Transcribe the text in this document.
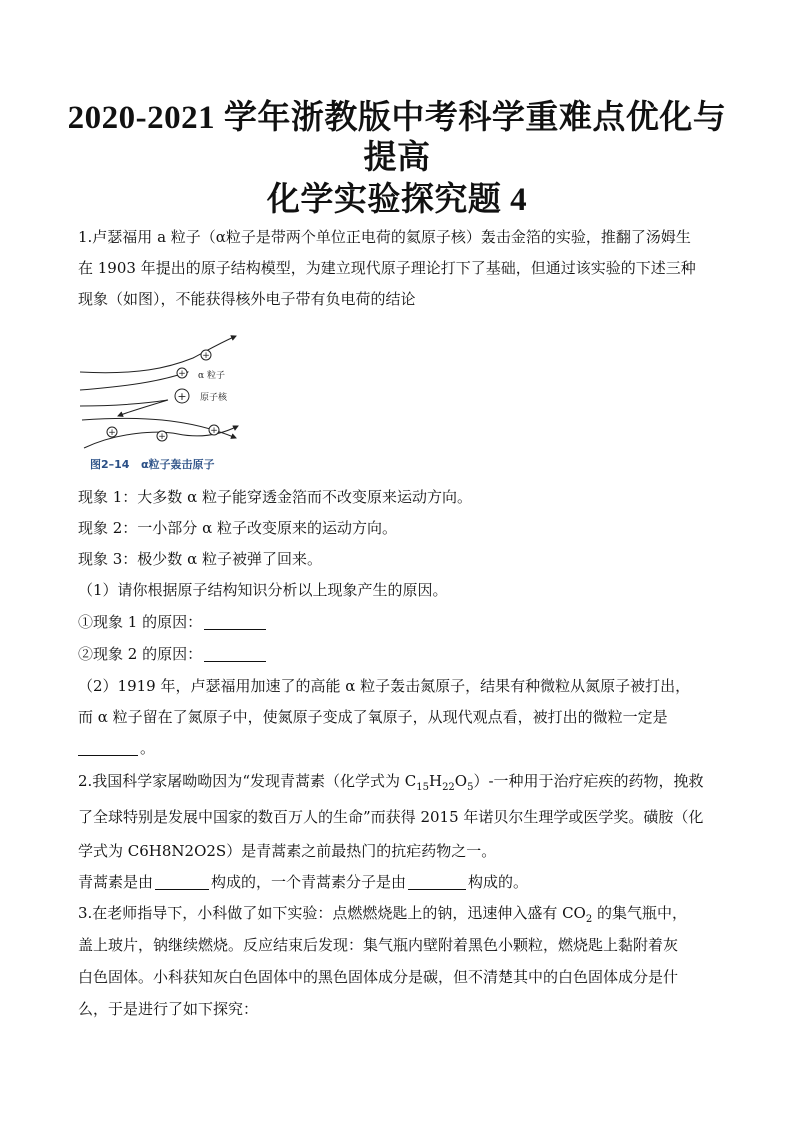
2020-2021 学年浙教版中考科学重难点优化与
提高
化学实验探究题 4
1.卢瑟福用 a 粒子（α粒子是带两个单位正电荷的氦原子核）轰击金箔的实验，推翻了汤姆生
在 1903 年提出的原子结构模型，为建立现代原子理论打下了基础，但通过该实验的下述三种
现象（如图），不能获得核外电子带有负电荷的结论
+
+
+
+	+
+
α 粒子
原子核
图2–14 α粒子轰击原子
现象 1：大多数 α 粒子能穿透金箔而不改变原来运动方向。
现象 2：一小部分 α 粒子改变原来的运动方向。
现象 3：极少数 α 粒子被弹了回来。
（1）请你根据原子结构知识分析以上现象产生的原因。
①现象 1 的原因：
②现象 2 的原因：
（2）1919 年，卢瑟福用加速了的高能 α 粒子轰击氮原子，结果有种微粒从氮原子被打出，
而 α 粒子留在了氮原子中，使氮原子变成了氧原子，从现代观点看，被打出的微粒一定是
。
2.我国科学家屠呦呦因为“发现青蒿素（化学式为 $C_{15}H_{22}O_5)-$一种用于治疗疟疾的药物，挽救
了全球特别是发展中国家的数百万人的生命”而获得 2015 年诺贝尔生理学或医学奖。磺胺（化
学式为 C6H8N2O2S）是青蒿素之前最热门的抗疟药物之一。
青蒿素是由	构成的，一个青蒿素分子是由	构成的。
3.在老师指导下，小科做了如下实验：点燃燃烧匙上的钠，迅速伸入盛有 $CO_2$ 的集气瓶中，
盖上玻片，钠继续燃烧。反应结束后发现：集气瓶内壁附着黑色小颗粒，燃烧匙上黏附着灰
白色固体。小科获知灰白色固体中的黑色固体成分是碳，但不清楚其中的白色固体成分是什
么，于是进行了如下探究：
